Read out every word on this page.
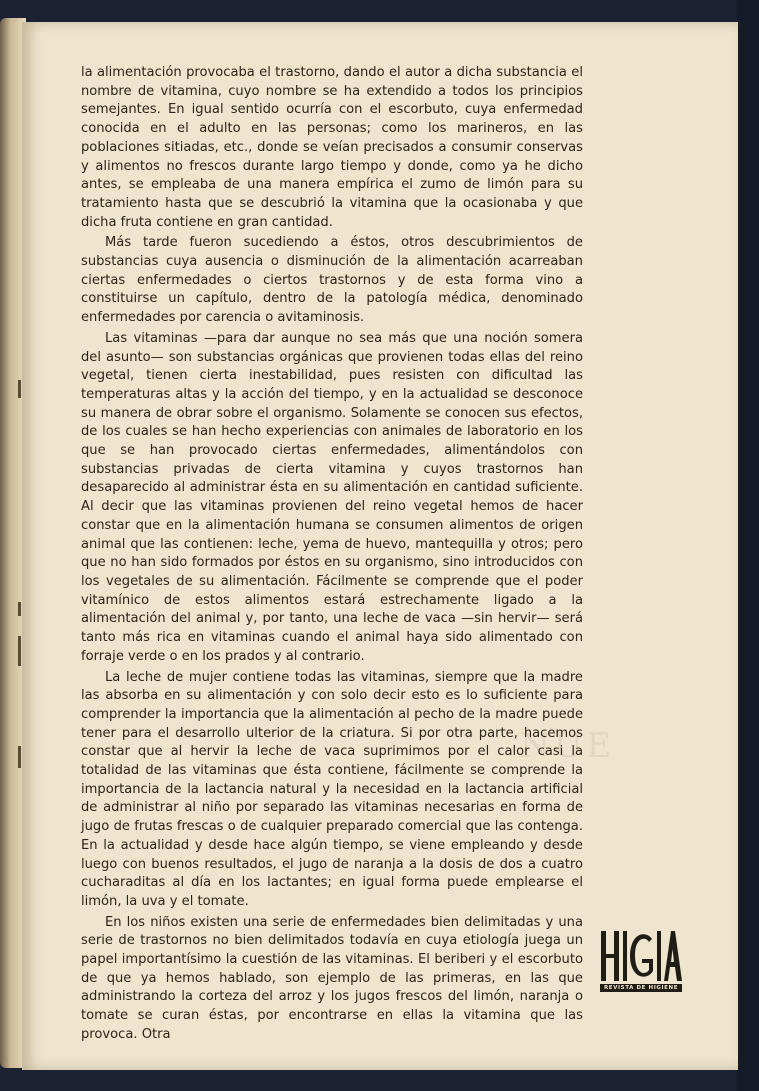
NUE

la alimentación provocaba el trastorno, dando el autor a dicha substancia el nombre de vitamina, cuyo nombre se ha extendido a todos los principios semejantes. En igual sentido ocurría con el escorbuto, cuya enfermedad conocida en el adulto en las personas; como los marineros, en las poblaciones sitiadas, etc., donde se veían precisados a consumir conservas y alimentos no frescos durante largo tiempo y donde, como ya he dicho antes, se empleaba de una manera empírica el zumo de limón para su tratamiento hasta que se descubrió la vitamina que la ocasionaba y que dicha fruta contiene en gran cantidad.

Más tarde fueron sucediendo a éstos, otros descubrimientos de substancias cuya ausencia o disminución de la alimentación acarreaban ciertas enfermedades o ciertos trastornos y de esta forma vino a constituirse un capítulo, dentro de la patología médica, denominado enfermedades por carencia o avitaminosis.

Las vitaminas —para dar aunque no sea más que una noción somera del asunto— son substancias orgánicas que provienen todas ellas del reino vegetal, tienen cierta inestabilidad, pues resisten con dificultad las temperaturas altas y la acción del tiempo, y en la actualidad se desconoce su manera de obrar sobre el organismo. Solamente se conocen sus efectos, de los cuales se han hecho experiencias con animales de laboratorio en los que se han provocado ciertas enfermedades, alimentándolos con substancias privadas de cierta vitamina y cuyos trastornos han desaparecido al administrar ésta en su alimentación en cantidad suficiente. Al decir que las vitaminas provienen del reino vegetal hemos de hacer constar que en la alimentación humana se consumen alimentos de origen animal que las contienen: leche, yema de huevo, mantequilla y otros; pero que no han sido formados por éstos en su organismo, sino introducidos con los vegetales de su alimentación. Fácilmente se comprende que el poder vitamínico de estos alimentos estará estrechamente ligado a la alimentación del animal y, por tanto, una leche de vaca —sin hervir— será tanto más rica en vitaminas cuando el animal haya sido alimentado con forraje verde o en los prados y al contrario.

La leche de mujer contiene todas las vitaminas, siempre que la madre las absorba en su alimentación y con solo decir esto es lo suficiente para comprender la importancia que la alimentación al pecho de la madre puede tener para el desarrollo ulterior de la criatura. Si por otra parte, hacemos constar que al hervir la leche de vaca suprimimos por el calor casi la totalidad de las vitaminas que ésta contiene, fácilmente se comprende la importancia de la lactancia natural y la necesidad en la lactancia artificial de administrar al niño por separado las vitaminas necesarias en forma de jugo de frutas frescas o de cualquier preparado comercial que las contenga. En la actualidad y desde hace algún tiempo, se viene empleando y desde luego con buenos resultados, el jugo de naranja a la dosis de dos a cuatro cucharaditas al día en los lactantes; en igual forma puede emplearse el limón, la uva y el tomate.

En los niños existen una serie de enfermedades bien delimitadas y una serie de trastornos no bien delimitados todavía en cuya etiología juega un papel importantísimo la cuestión de las vitaminas. El beriberi y el escorbuto de que ya hemos hablado, son ejemplo de las primeras, en las que administrando la corteza del arroz y los jugos frescos del limón, naranja o tomate se curan éstas, por encontrarse en ellas la vitamina que las provoca. Otra

REVISTA DE HIGIENE
